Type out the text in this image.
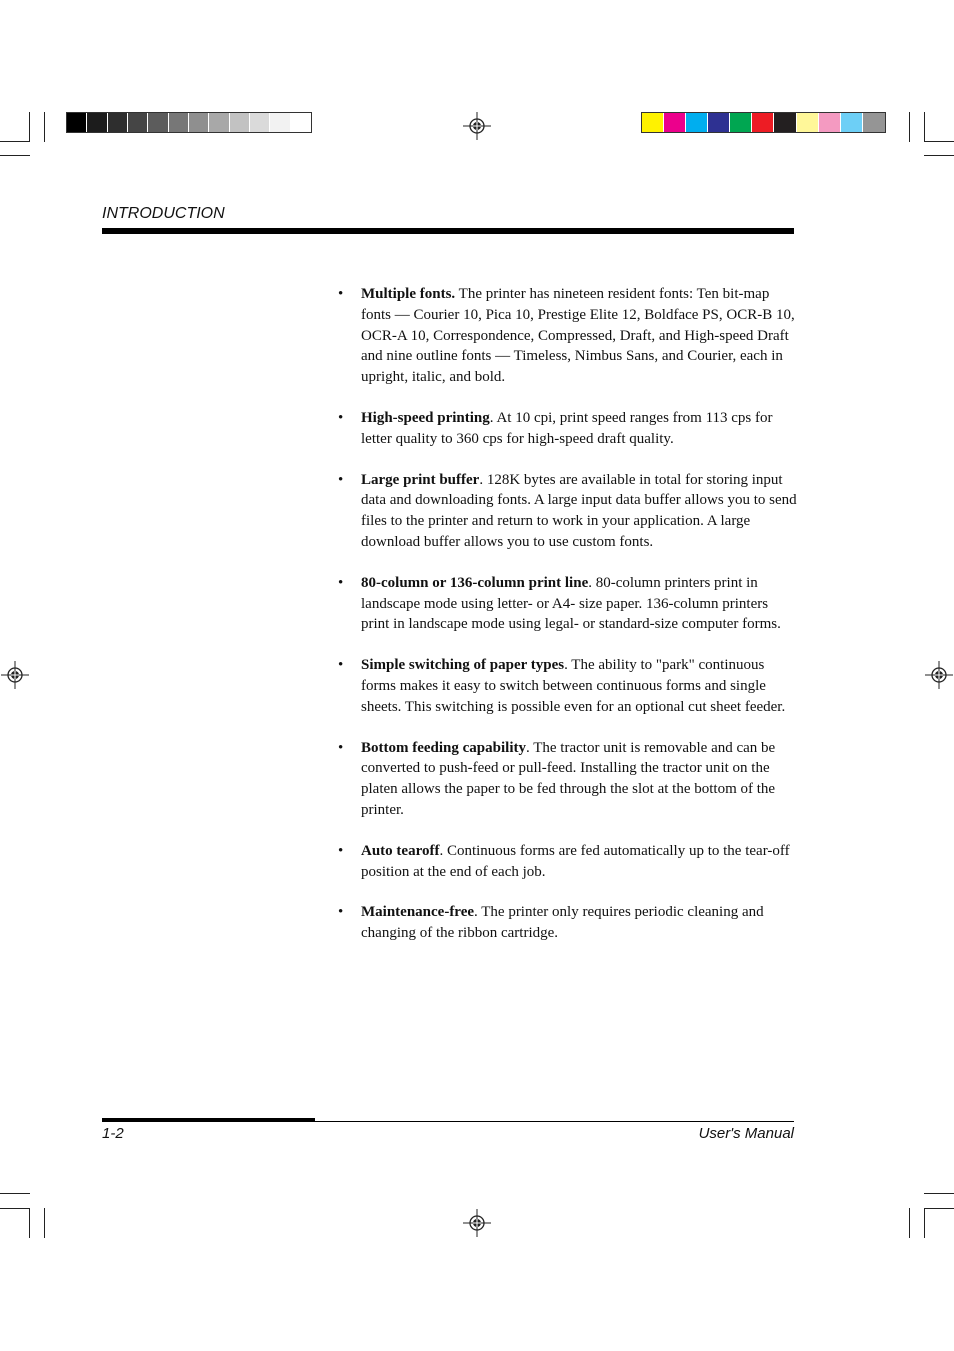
INTRODUCTION
•	Multiple fonts. The printer has nineteen resident fonts: Ten bit-map fonts — Courier 10, Pica 10, Prestige Elite 12, Boldface PS, OCR-B 10, OCR-A 10, Correspondence, Compressed, Draft, and High-speed Draft and nine outline fonts — Timeless, Nimbus Sans, and Courier, each in upright, italic, and bold.
•	High-speed printing. At 10 cpi, print speed ranges from 113 cps for letter quality to 360 cps for high-speed draft quality.
•	Large print buffer. 128K bytes are available in total for storing input data and downloading fonts. A large input data buffer allows you to send files to the printer and return to work in your application. A large download buffer allows you to use custom fonts.
•	80-column or 136-column print line. 80-column printers print in landscape mode using letter- or A4- size paper. 136-column printers print in landscape mode using legal- or standard-size computer forms.
•	Simple switching of paper types. The ability to "park" continuous forms makes it easy to switch between continuous forms and single sheets. This switching is possible even for an optional cut sheet feeder.
•	Bottom feeding capability. The tractor unit is removable and can be converted to push-feed or pull-feed. Installing the tractor unit on the platen allows the paper to be fed through the slot at the bottom of the printer.
•	Auto tearoff. Continuous forms are fed automatically up to the tear-off position at the end of each job.
•	Maintenance-free. The printer only requires periodic cleaning and changing of the ribbon cartridge.
1-2	User's Manual
